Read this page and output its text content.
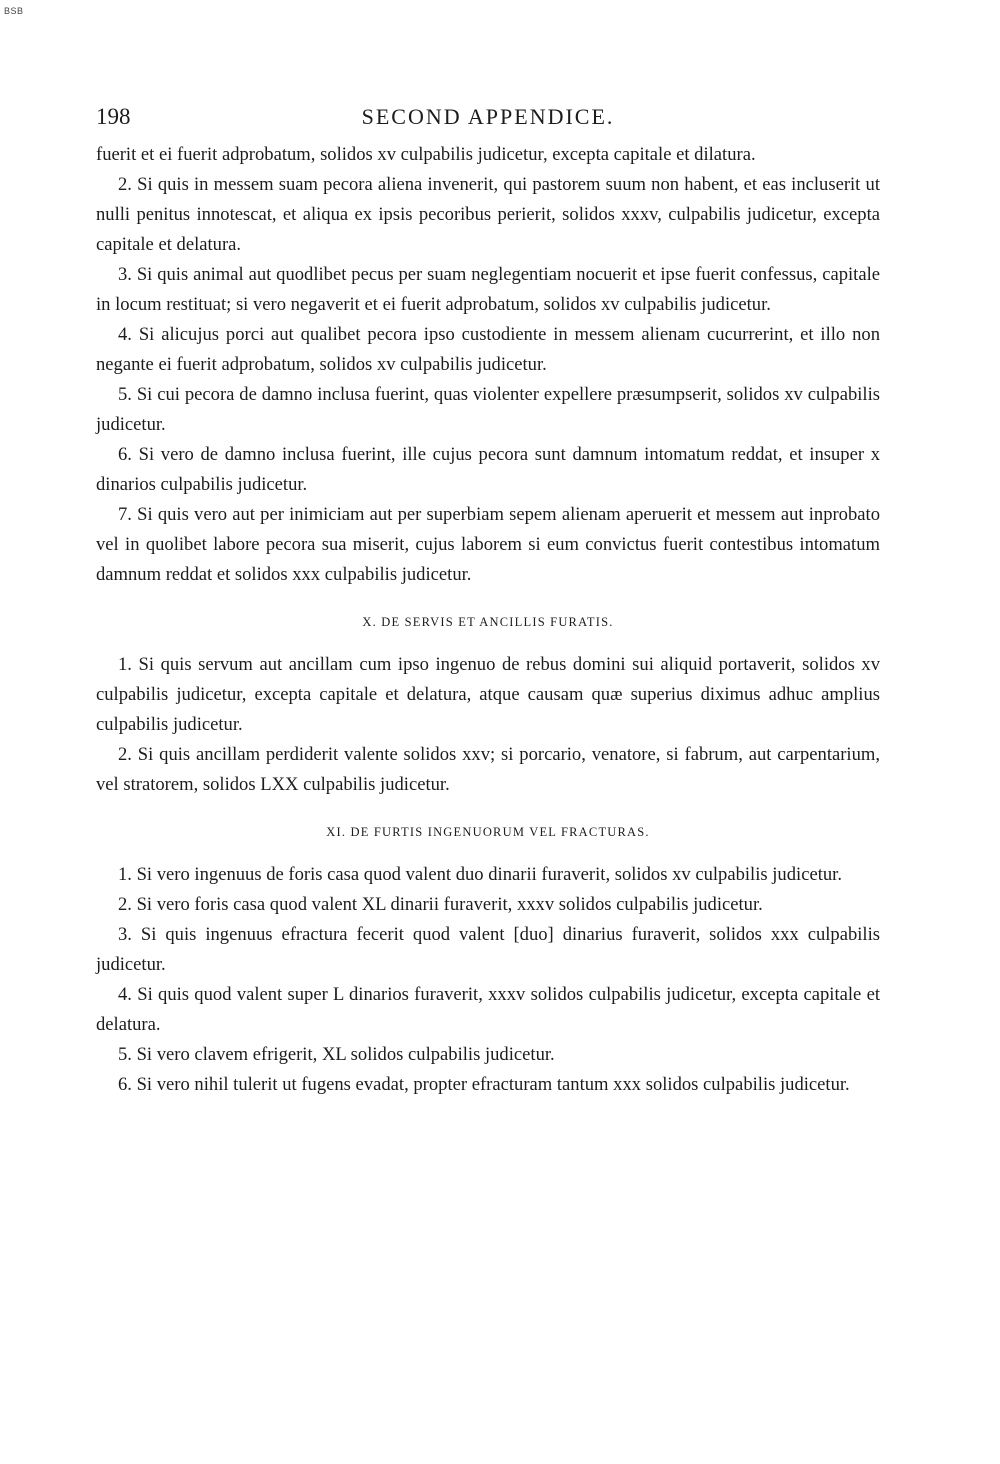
BSB
198	SECOND APPENDICE.

fuerit et ei fuerit adprobatum, solidos xv culpabilis judicetur, excepta capitale et dilatura.

2. Si quis in messem suam pecora aliena invenerit, qui pastorem suum non habent, et eas incluserit ut nulli penitus innotescat, et aliqua ex ipsis pecoribus perierit, solidos xxxv, culpabilis judicetur, excepta capitale et delatura.

3. Si quis animal aut quodlibet pecus per suam neglegentiam nocuerit et ipse fuerit confessus, capitale in locum restituat; si vero negaverit et ei fuerit adprobatum, solidos xv culpabilis judicetur.

4. Si alicujus porci aut qualibet pecora ipso custodiente in messem alienam cucurrerint, et illo non negante ei fuerit adprobatum, solidos xv culpabilis judicetur.

5. Si cui pecora de damno inclusa fuerint, quas violenter expellere præsumpserit, solidos xv culpabilis judicetur.

6. Si vero de damno inclusa fuerint, ille cujus pecora sunt damnum intomatum reddat, et insuper x dinarios culpabilis judicetur.

7. Si quis vero aut per inimiciam aut per superbiam sepem alienam aperuerit et messem aut inprobato vel in quolibet labore pecora sua miserit, cujus laborem si eum convictus fuerit contestibus intomatum damnum reddat et solidos xxx culpabilis judicetur.

X. DE SERVIS ET ANCILLIS FURATIS.

1. Si quis servum aut ancillam cum ipso ingenuo de rebus domini sui aliquid portaverit, solidos xv culpabilis judicetur, excepta capitale et delatura, atque causam quæ superius diximus adhuc amplius culpabilis judicetur.

2. Si quis ancillam perdiderit valente solidos xxv; si porcario, venatore, si fabrum, aut carpentarium, vel stratorem, solidos LXX culpabilis judicetur.

XI. DE FURTIS INGENUORUM VEL FRACTURAS.

1. Si vero ingenuus de foris casa quod valent duo dinarii furaverit, solidos xv culpabilis judicetur.

2. Si vero foris casa quod valent XL dinarii furaverit, xxxv solidos culpabilis judicetur.

3. Si quis ingenuus efractura fecerit quod valent [duo] dinarius furaverit, solidos xxx culpabilis judicetur.

4. Si quis quod valent super L dinarios furaverit, xxxv solidos culpabilis judicetur, excepta capitale et delatura.

5. Si vero clavem efrigerit, XL solidos culpabilis judicetur.

6. Si vero nihil tulerit ut fugens evadat, propter efracturam tantum xxx solidos culpabilis judicetur.
